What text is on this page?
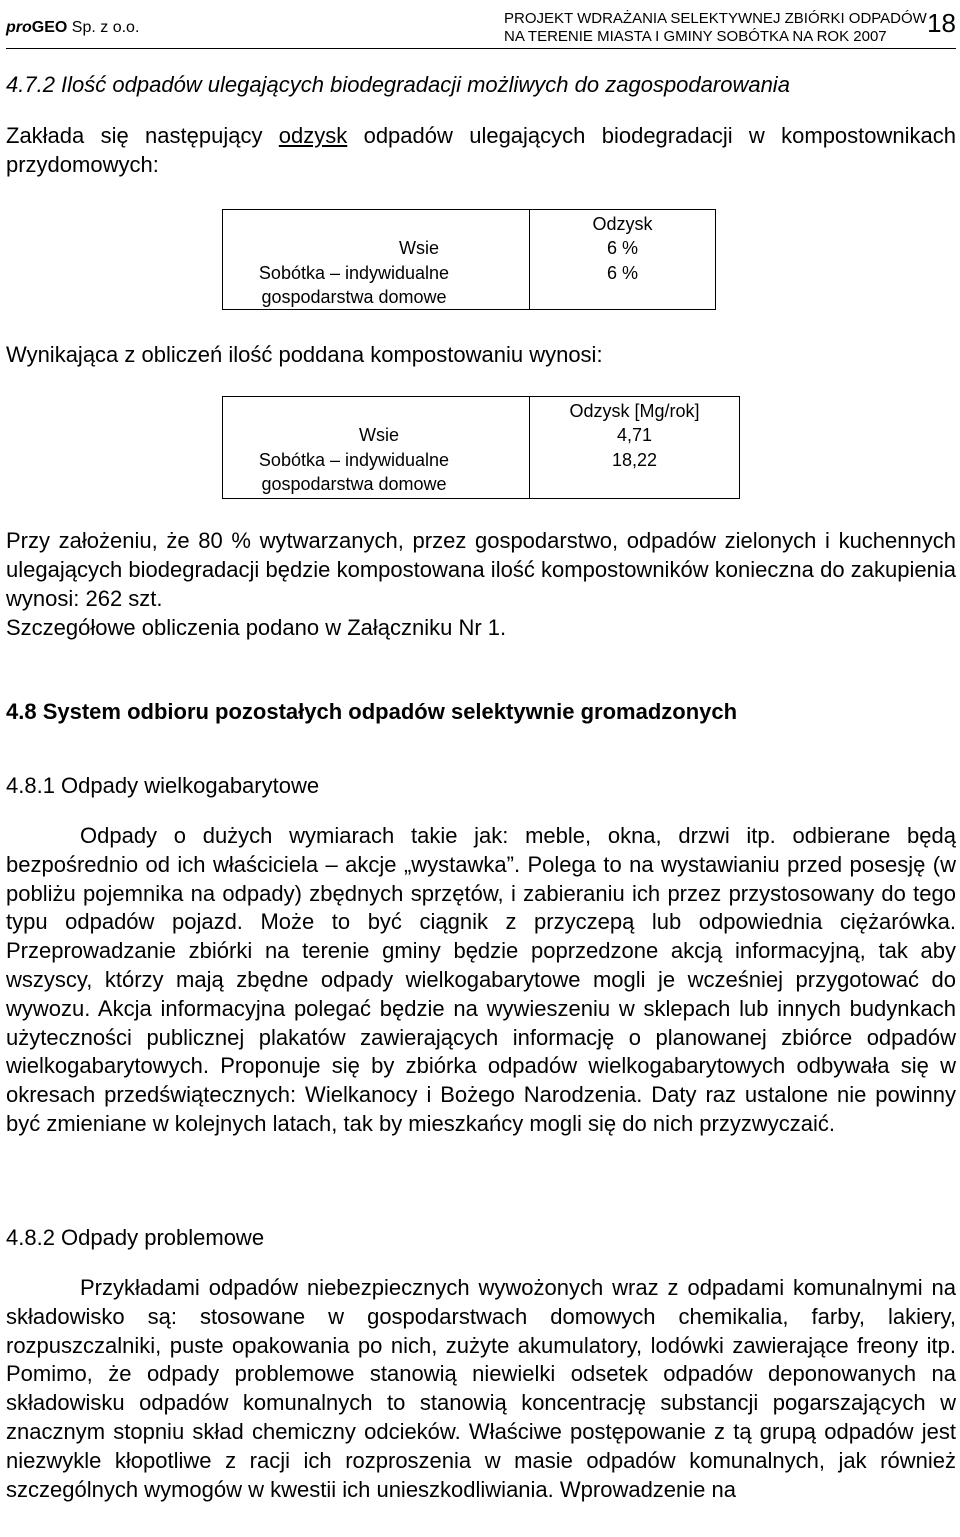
proGEO Sp. z o.o.
PROJEKT WDRAŻANIA SELEKTYWNEJ ZBIÓRKI ODPADÓW
NA TERENIE MIASTA I GMINY SOBÓTKA NA ROK 2007	18
4.7.2 Ilość odpadów ulegających biodegradacji możliwych do zagospodarowania

Zakłada się następujący odzysk odpadów ulegających biodegradacji w kompostownikach przydomowych:

	Odzysk
Wsie	6 %

Sobótka – indywidualne gospodarstwa domowe	6 %

Wynikająca z obliczeń ilość poddana kompostowaniu wynosi:

	Odzysk [Mg/rok]
Wsie	4,71

Sobótka – indywidualne gospodarstwa domowe	18,22

Przy założeniu, że 80 % wytwarzanych, przez gospodarstwo, odpadów zielonych i kuchennych ulegających biodegradacji będzie kompostowana ilość kompostowników konieczna do zakupienia wynosi: 262 szt.

Szczegółowe obliczenia podano w Załączniku Nr 1.

4.8 System odbioru pozostałych odpadów selektywnie gromadzonych
4.8.1 Odpady wielkogabarytowe

Odpady o dużych wymiarach takie jak: meble, okna, drzwi itp. odbierane będą bezpośrednio od ich właściciela – akcje „wystawka”. Polega to na wystawianiu przed posesję (w pobliżu pojemnika na odpady) zbędnych sprzętów, i zabieraniu ich przez przystosowany do tego typu odpadów pojazd. Może to być ciągnik z przyczepą lub odpowiednia ciężarówka. Przeprowadzanie zbiórki na terenie gminy będzie poprzedzone akcją informacyjną, tak aby wszyscy, którzy mają zbędne odpady wielkogabarytowe mogli je wcześniej przygotować do wywozu. Akcja informacyjna polegać będzie na wywieszeniu w sklepach lub innych budynkach użyteczności publicznej plakatów zawierających informację o planowanej zbiórce odpadów wielkogabarytowych. Proponuje się by zbiórka odpadów wielkogabarytowych odbywała się w okresach przedświątecznych: Wielkanocy i Bożego Narodzenia. Daty raz ustalone nie powinny być zmieniane w kolejnych latach, tak by mieszkańcy mogli się do nich przyzwyczaić.

4.8.2 Odpady problemowe

Przykładami odpadów niebezpiecznych wywożonych wraz z odpadami komunalnymi na składowisko są: stosowane w gospodarstwach domowych chemikalia, farby, lakiery, rozpuszczalniki, puste opakowania po nich, zużyte akumulatory, lodówki zawierające freony itp. Pomimo, że odpady problemowe stanowią niewielki odsetek odpadów deponowanych na składowisku odpadów komunalnych to stanowią koncentrację substancji pogarszających w znacznym stopniu skład chemiczny odcieków. Właściwe postępowanie z tą grupą odpadów jest niezwykle kłopotliwe z racji ich rozproszenia w masie odpadów komunalnych, jak również szczególnych wymogów w kwestii ich unieszkodliwiania. Wprowadzenie na
